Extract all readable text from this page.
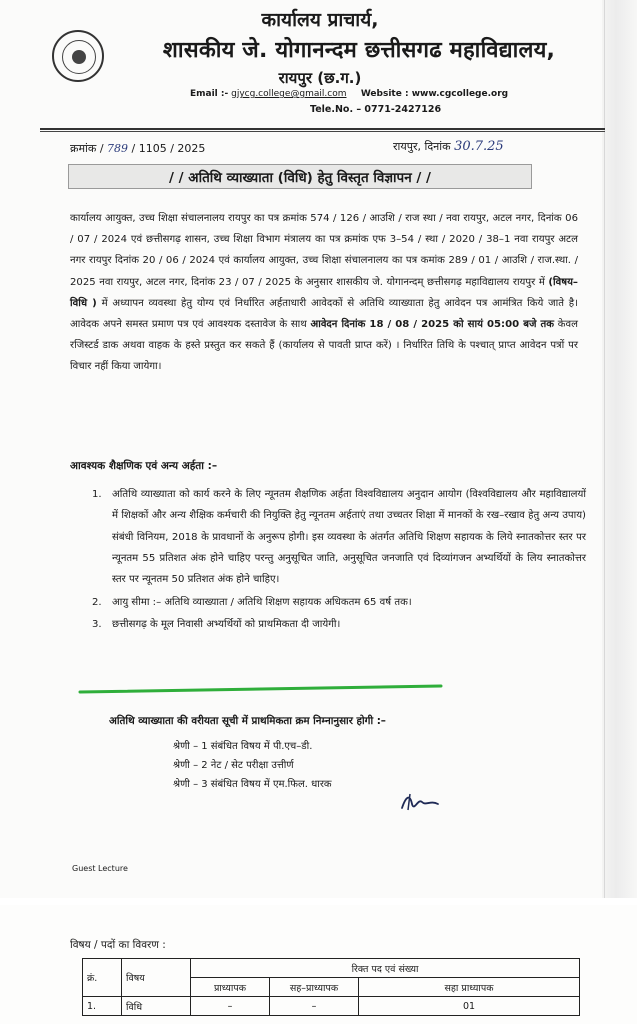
कार्यालय प्राचार्य,
शासकीय जे. योगानन्दम छत्तीसगढ महाविद्यालय,
रायपुर (छ.ग.)
Email :- gjycg.college@gmail.com Website : www.cgcollege.org
Tele.No. – 0771-2427126
क्रमांक / 789 / 1105 / 2025	रायपुर, दिनांक 30.7.25
/ / अतिथि व्याख्याता (विधि) हेतु विस्तृत विज्ञापन / /

कार्यालय आयुक्त, उच्च शिक्षा संचालनालय रायपुर का पत्र क्रमांक 574 / 126 / आउशि / राज स्था / नवा रायपुर, अटल नगर, दिनांक 06 / 07 / 2024 एवं छत्तीसगढ़ शासन, उच्च शिक्षा विभाग मंत्रालय का पत्र क्रमांक एफ 3–54 / स्था / 2020 / 38–1 नवा रायपुर अटल नगर रायपुर दिनांक 20 / 06 / 2024 एवं कार्यालय आयुक्त, उच्च शिक्षा संचालनालय का पत्र कमांक 289 / 01 / आउशि / राज.स्था. / 2025 नवा रायपुर, अटल नगर, दिनांक 23 / 07 / 2025 के अनुसार शासकीय जे. योगानन्दम् छत्तीसगढ़ महाविद्यालय रायपुर में (विषय–विधि ) में अध्यापन व्यवस्था हेतु योग्य एवं निर्धारित अर्हताधारी आवेदकों से अतिथि व्याख्याता हेतु आवेदन पत्र आमंत्रित किये जाते है। आवेदक अपने समस्त प्रमाण पत्र एवं आवश्यक दस्तावेज के साथ आवेदन दिनांक 18 / 08 / 2025 को सायं 05:00 बजे तक केवल रजिस्टर्ड डाक अथवा वाहक के हस्ते प्रस्तुत कर सकते हैं (कार्यालय से पावती प्राप्त करें) । निर्धारित तिथि के पश्चात् प्राप्त आवेदन पत्रों पर विचार नहीं किया जायेगा।

आवश्यक शैक्षणिक एवं अन्य अर्हता :–
1. अतिथि व्याख्याता को कार्य करने के लिए न्यूनतम शैक्षणिक अर्हता विश्वविद्यालय अनुदान आयोग (विश्वविद्यालय और महाविद्यालयों में शिक्षकों और अन्य शैक्षिक कर्मचारी की नियुक्ति हेतु न्यूनतम अर्हताएं तथा उच्चतर शिक्षा में मानकों के रख–रखाव हेतु अन्य उपाय) संबंधी विनियम, 2018 के प्रावधानों के अनुरूप होगी। इस व्यवस्था के अंतर्गत अतिथि शिक्षण सहायक के लिये स्नातकोत्तर स्तर पर न्यूनतम 55 प्रतिशत अंक होने चाहिए परन्तु अनुसूचित जाति, अनुसूचित जनजाति एवं दिव्यांगजन अभ्यर्थियों के लिय स्नातकोत्तर स्तर पर न्यूनतम 50 प्रतिशत अंक होने चाहिए।
2. आयु सीमा :– अतिथि व्याख्याता / अतिथि शिक्षण सहायक अधिकतम 65 वर्ष तक।
3. छत्तीसगढ़ के मूल निवासी अभ्यर्थियों को प्राथमिकता दी जायेगी।
अतिथि व्याख्याता की वरीयता सूची में प्राथमिकता क्रम निम्नानुसार होगी :–
श्रेणी – 1 संबंधित विषय में पी.एच–डी.
श्रेणी – 2 नेट / सेट परीक्षा उत्तीर्ण
श्रेणी – 3 संबंधित विषय में एम.फिल. धारक
Guest Lecture
विषय / पदों का विवरण :
क्रं.	विषय	रिक्त पद एवं संख्या		
		प्राध्यापक	सह–प्राध्यापक	सहा प्राध्यापक
1.	विधि	–	–	01
